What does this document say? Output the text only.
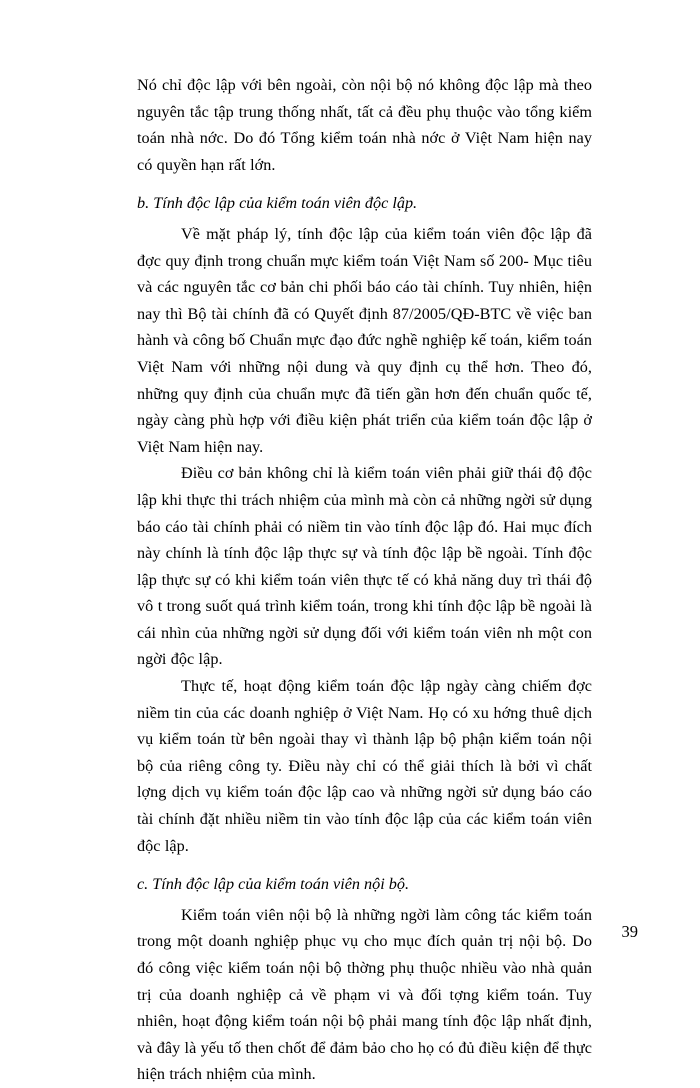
Nó chỉ độc lập với bên ngoài, còn nội bộ nó không độc lập mà theo nguyên tắc tập trung thống nhất, tất cả đều phụ thuộc vào tổng kiểm toán nhà nớc. Do đó Tổng kiểm toán nhà nớc ở Việt Nam hiện nay có quyền hạn rất lớn.

b. Tính độc lập của kiểm toán viên độc lập.

Về mặt pháp lý, tính độc lập của kiểm toán viên độc lập đã đợc quy định trong chuẩn mực kiểm toán Việt Nam số 200- Mục tiêu và các nguyên tắc cơ bản chi phối báo cáo tài chính. Tuy nhiên, hiện nay thì Bộ tài chính đã có Quyết định 87/2005/QĐ-BTC về việc ban hành và công bố Chuẩn mực đạo đức nghề nghiệp kế toán, kiểm toán Việt Nam với những nội dung và quy định cụ thể hơn. Theo đó, những quy định của chuẩn mực đã tiến gần hơn đến chuẩn quốc tế, ngày càng phù hợp với điều kiện phát triển của kiểm toán độc lập ở Việt Nam hiện nay.

Điều cơ bản không chỉ là kiểm toán viên phải giữ thái độ độc lập khi thực thi trách nhiệm của mình mà còn cả những ngời sử dụng báo cáo tài chính phải có niềm tin vào tính độc lập đó. Hai mục đích này chính là tính độc lập thực sự và tính độc lập bề ngoài. Tính độc lập thực sự có khi kiểm toán viên thực tế có khả năng duy trì thái độ vô t trong suốt quá trình kiểm toán, trong khi tính độc lập bề ngoài là cái nhìn của những ngời sử dụng đối với kiểm toán viên nh một con ngời độc lập.

Thực tế, hoạt động kiểm toán độc lập ngày càng chiếm đợc niềm tin của các doanh nghiệp ở Việt Nam. Họ có xu hớng thuê dịch vụ kiểm toán từ bên ngoài thay vì thành lập bộ phận kiểm toán nội bộ của riêng công ty. Điều này chỉ có thể giải thích là bởi vì chất lợng dịch vụ kiểm toán độc lập cao và những ngời sử dụng báo cáo tài chính đặt nhiều niềm tin vào tính độc lập của các kiểm toán viên độc lập.

c. Tính độc lập của kiểm toán viên nội bộ.

Kiểm toán viên nội bộ là những ngời làm công tác kiểm toán trong một doanh nghiệp phục vụ cho mục đích quản trị nội bộ. Do đó công việc kiểm toán nội bộ thờng phụ thuộc nhiều vào nhà quản trị của doanh nghiệp cả về phạm vi và đối tợng kiểm toán. Tuy nhiên, hoạt động kiểm toán nội bộ phải mang tính độc lập nhất định, và đây là yếu tố then chốt để đảm bảo cho họ có đủ điều kiện để thực hiện trách nhiệm của mình.

39
